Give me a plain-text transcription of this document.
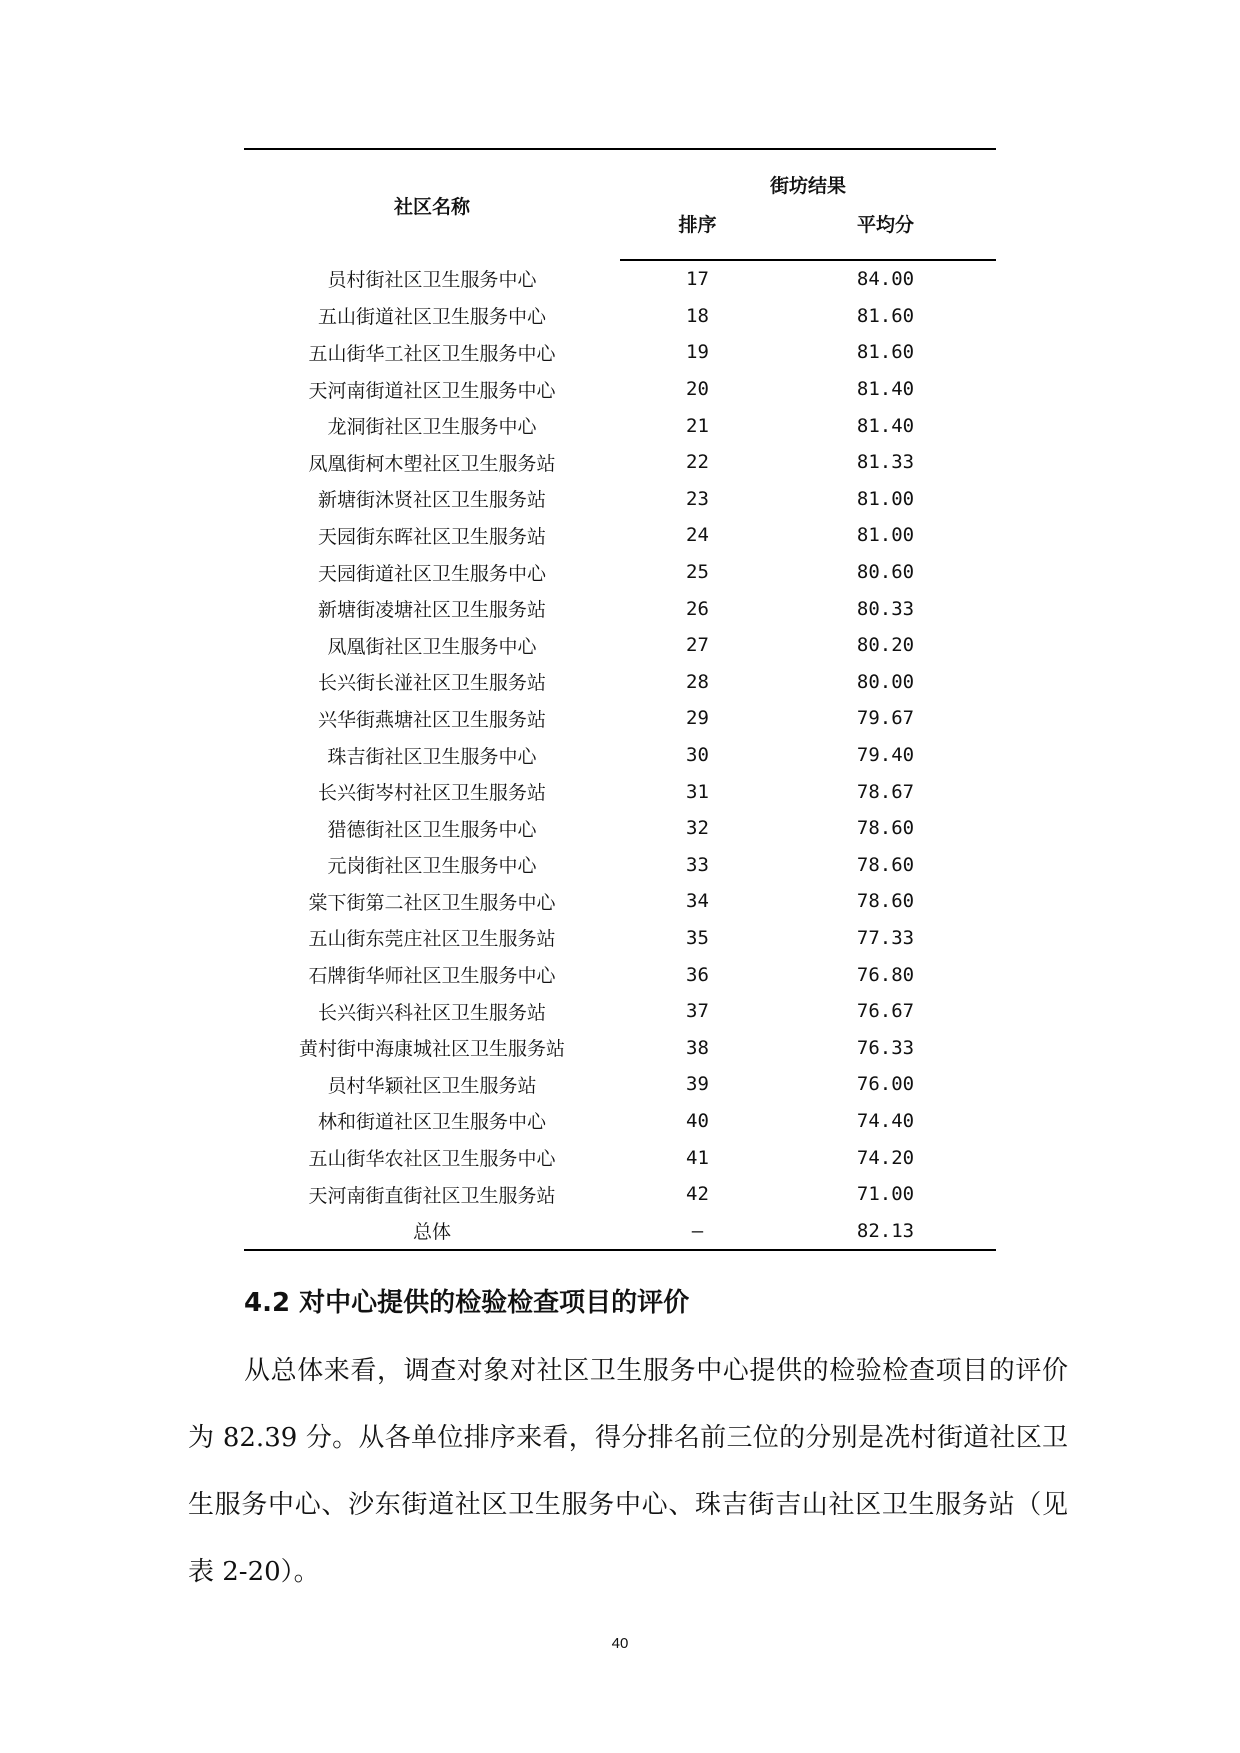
社区名称	街坊结果	
	排序	平均分
员村街社区卫生服务中心	17	84.00
五山街道社区卫生服务中心	18	81.60
五山街华工社区卫生服务中心	19	81.60
天河南街道社区卫生服务中心	20	81.40
龙洞街社区卫生服务中心	21	81.40
凤凰街柯木塱社区卫生服务站	22	81.33
新塘街沐贤社区卫生服务站	23	81.00
天园街东晖社区卫生服务站	24	81.00
天园街道社区卫生服务中心	25	80.60
新塘街凌塘社区卫生服务站	26	80.33
凤凰街社区卫生服务中心	27	80.20
长兴街长湴社区卫生服务站	28	80.00
兴华街燕塘社区卫生服务站	29	79.67
珠吉街社区卫生服务中心	30	79.40
长兴街岑村社区卫生服务站	31	78.67
猎德街社区卫生服务中心	32	78.60
元岗街社区卫生服务中心	33	78.60
棠下街第二社区卫生服务中心	34	78.60
五山街东莞庄社区卫生服务站	35	77.33
石牌街华师社区卫生服务中心	36	76.80
长兴街兴科社区卫生服务站	37	76.67
黄村街中海康城社区卫生服务站	38	76.33
员村华颖社区卫生服务站	39	76.00
林和街道社区卫生服务中心	40	74.40
五山街华农社区卫生服务中心	41	74.20
天河南街直街社区卫生服务站	42	71.00
总体	—	82.13
4.2 对中心提供的检验检查项目的评价

从总体来看，调查对象对社区卫生服务中心提供的检验检查项目的评价为 82.39 分。从各单位排序来看，得分排名前三位的分别是冼村街道社区卫生服务中心、沙东街道社区卫生服务中心、珠吉街吉山社区卫生服务站（见表 2-20）。

40
